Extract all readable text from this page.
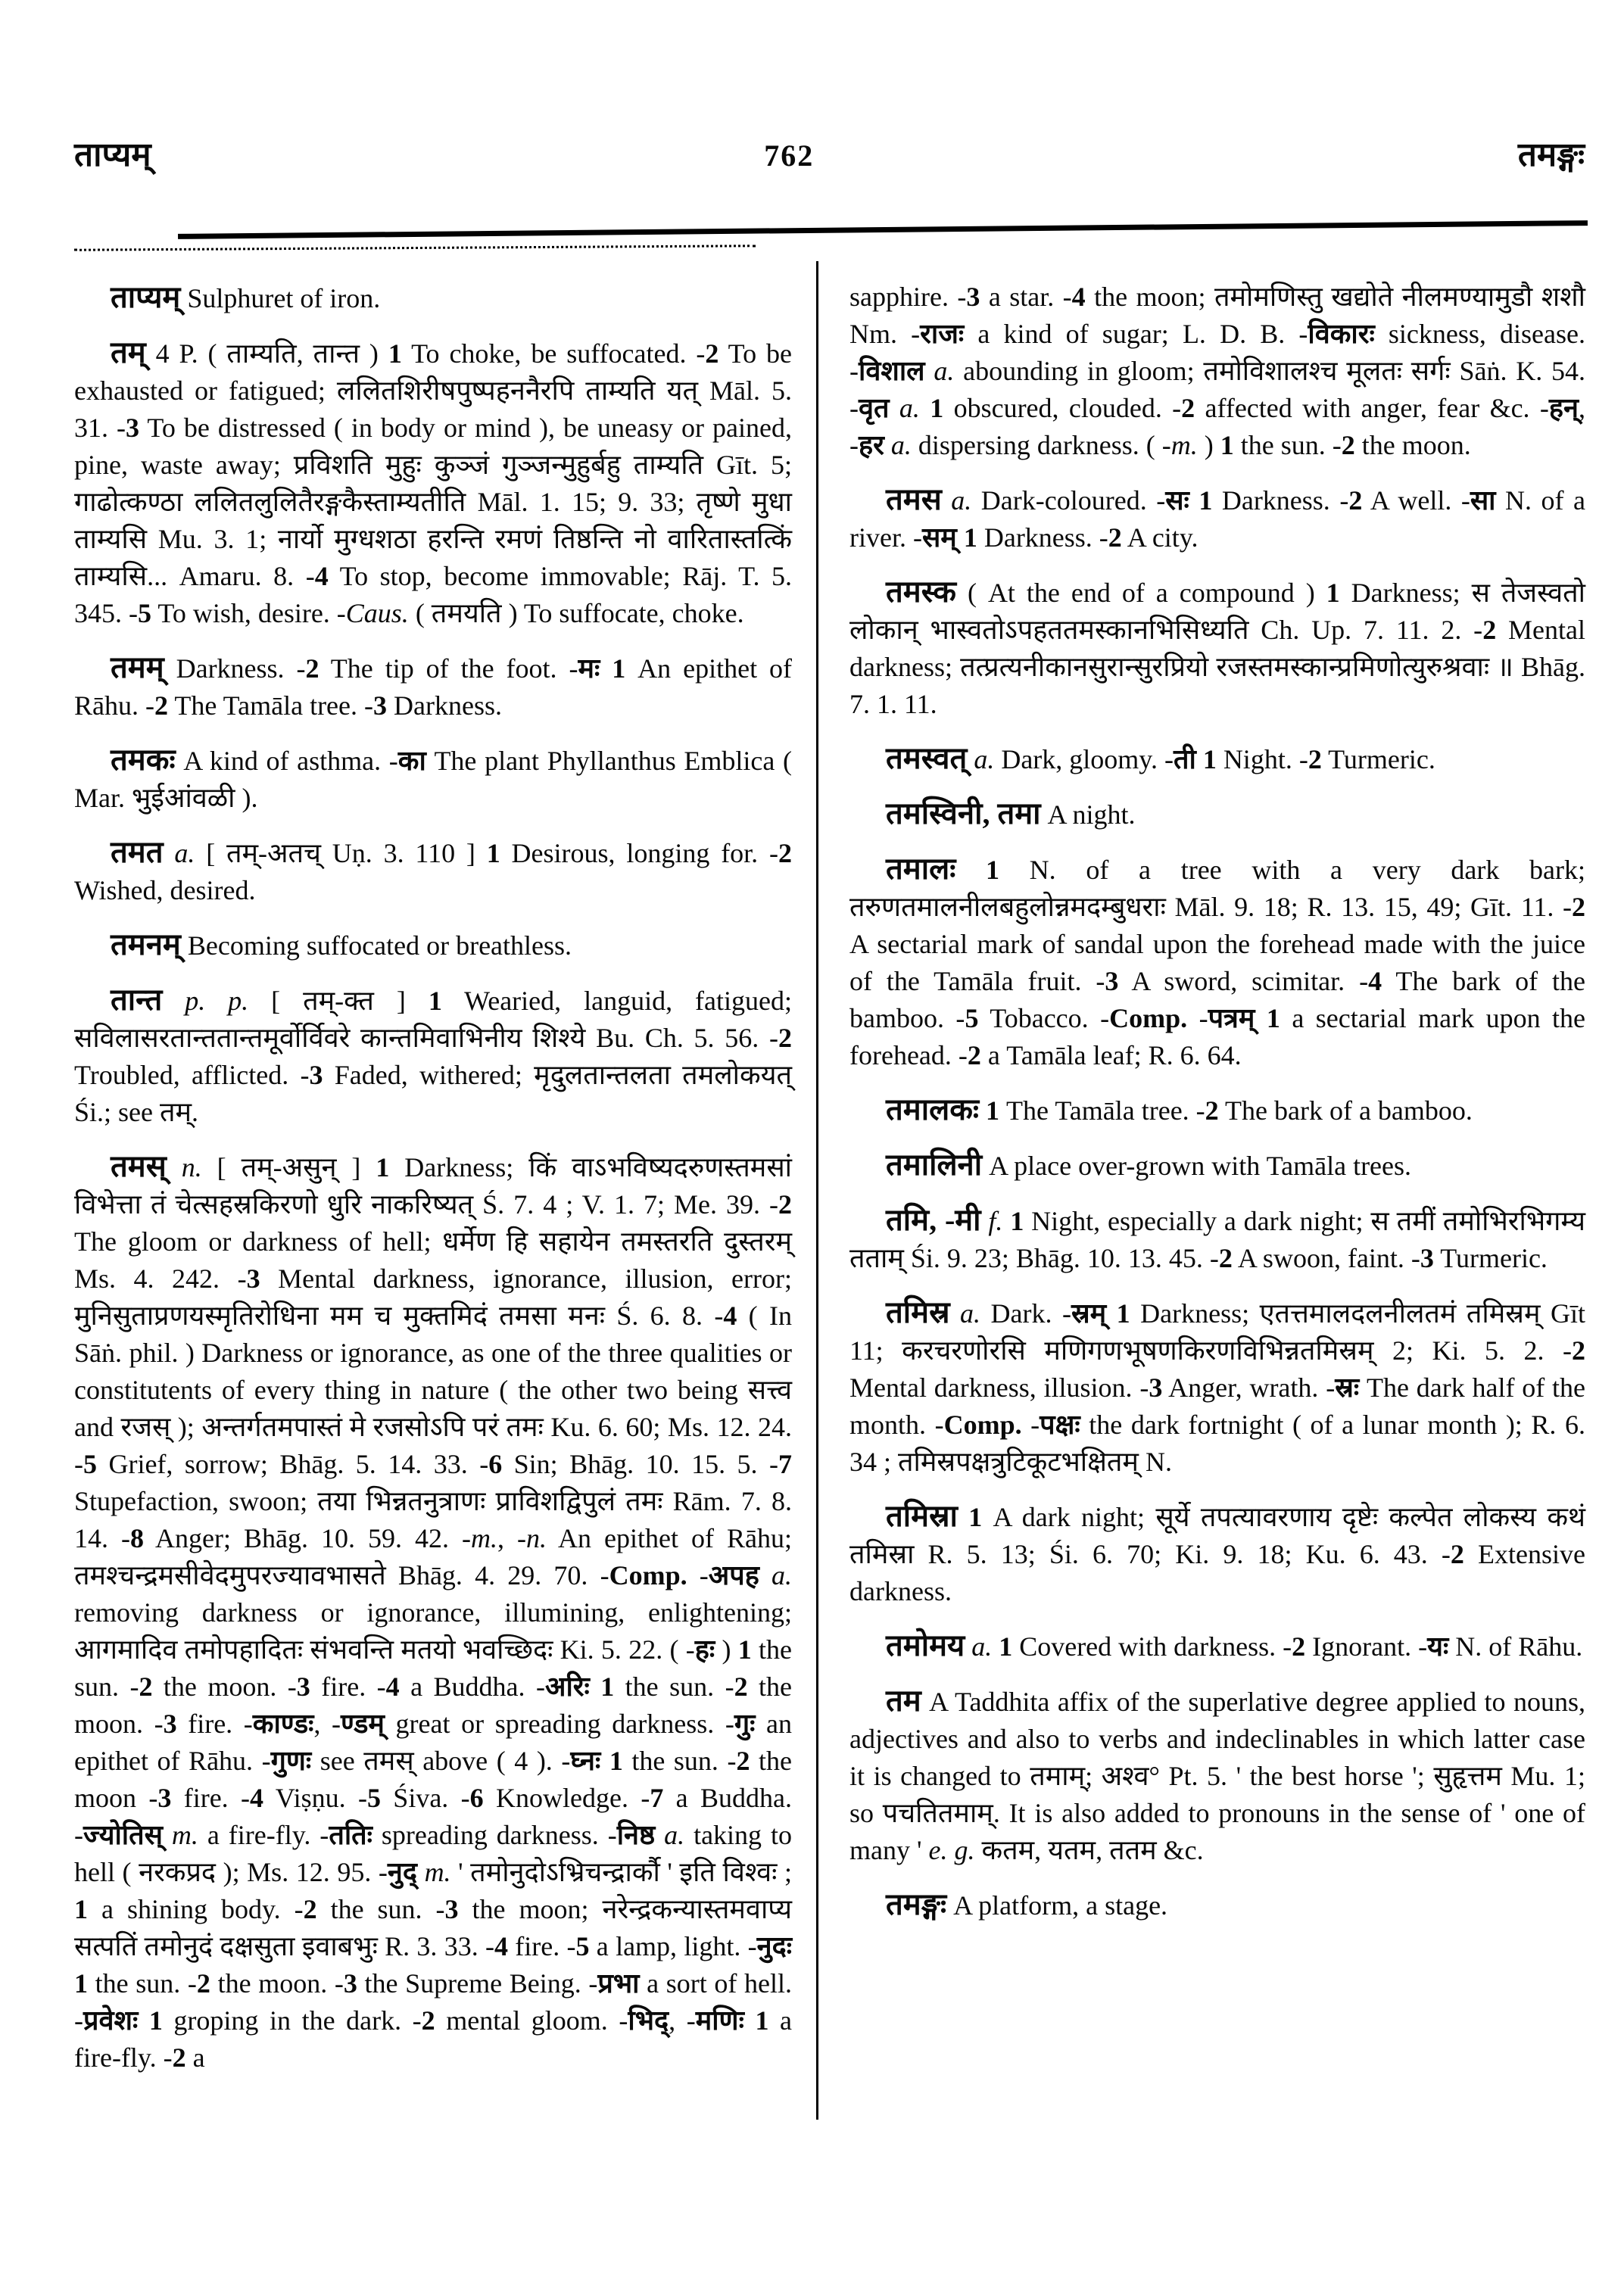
ताप्यम्	762	तमङ्गः

ताप्यम् Sulphuret of iron.

तम् 4 P. ( ताम्यति, तान्त ) 1 To choke, be suffocated. -2 To be exhausted or fatigued; ललितशिरीषपुष्पहननैरपि ताम्यति यत् Māl. 5. 31. -3 To be distressed ( in body or mind ), be uneasy or pained, pine, waste away; प्रविशति मुहुः कुञ्जं गुञ्जन्मुहुर्बहु ताम्यति Gīt. 5; गाढोत्कण्ठा ललितलुलितैरङ्गकैस्ताम्यतीति Māl. 1. 15; 9. 33; तृष्णे मुधा ताम्यसि Mu. 3. 1; नार्यो मुग्धशठा हरन्ति रमणं तिष्ठन्ति नो वारितास्तत्किं ताम्यसि... Amaru. 8. -4 To stop, become immovable; Rāj. T. 5. 345. -5 To wish, desire. -Caus. ( तमयति ) To suffocate, choke.

तमम् Darkness. -2 The tip of the foot. -मः 1 An epithet of Rāhu. -2 The Tamāla tree. -3 Darkness.

तमकः A kind of asthma. -का The plant Phyllanthus Emblica ( Mar. भुईआंवळी ).

तमत a. [ तम्-अतच् Uṇ. 3. 110 ] 1 Desirous, longing for. -2 Wished, desired.

तमनम् Becoming suffocated or breathless.

तान्त p. p. [ तम्-क्त ] 1 Wearied, languid, fatigued; सविलासरतान्ततान्तमूर्वोर्विवरे कान्तमिवाभिनीय शिश्ये Bu. Ch. 5. 56. -2 Troubled, afflicted. -3 Faded, withered; मृदुलतान्तलता तमलोकयत् Śi.; see तम्.

तमस् n. [ तम्-असुन् ] 1 Darkness; किं वाऽभविष्यदरुणस्तमसां विभेत्ता तं चेत्सहस्रकिरणो धुरि नाकरिष्यत् Ś. 7. 4 ; V. 1. 7; Me. 39. -2 The gloom or darkness of hell; धर्मेण हि सहायेन तमस्तरति दुस्तरम् Ms. 4. 242. -3 Mental darkness, ignorance, illusion, error; मुनिसुताप्रणयस्मृतिरोधिना मम च मुक्तमिदं तमसा मनः Ś. 6. 8. -4 ( In Sāṅ. phil. ) Darkness or ignorance, as one of the three qualities or constitutents of every thing in nature ( the other two being सत्त्व and रजस् ); अन्तर्गतमपास्तं मे रजसोऽपि परं तमः Ku. 6. 60; Ms. 12. 24. -5 Grief, sorrow; Bhāg. 5. 14. 33. -6 Sin; Bhāg. 10. 15. 5. -7 Stupefaction, swoon; तया भिन्नतनुत्राणः प्राविशद्विपुलं तमः Rām. 7. 8. 14. -8 Anger; Bhāg. 10. 59. 42. -m., -n. An epithet of Rāhu; तमश्चन्द्रमसीवेदमुपरज्यावभासते Bhāg. 4. 29. 70. -Comp. -अपह a. removing darkness or ignorance, illumining, enlightening; आगमादिव तमोपहादितः संभवन्ति मतयो भवच्छिदः Ki. 5. 22. ( -हः ) 1 the sun. -2 the moon. -3 fire. -4 a Buddha. -अरिः 1 the sun. -2 the moon. -3 fire. -काण्डः, -ण्डम् great or spreading darkness. -गुः an epithet of Rāhu. -गुणः see तमस् above ( 4 ). -घ्नः 1 the sun. -2 the moon -3 fire. -4 Viṣṇu. -5 Śiva. -6 Knowledge. -7 a Buddha. -ज्योतिस् m. a fire-fly. -ततिः spreading darkness. -निष्ठ a. taking to hell ( नरकप्रद ); Ms. 12. 95. -नुद् m. ' तमोनुदोऽभ्रिचन्द्रार्कौ ' इति विश्वः ; 1 a shining body. -2 the sun. -3 the moon; नरेन्द्रकन्यास्तमवाप्य सत्पतिं तमोनुदं दक्षसुता इवाबभुः R. 3. 33. -4 fire. -5 a lamp, light. -नुदः 1 the sun. -2 the moon. -3 the Supreme Being. -प्रभा a sort of hell. -प्रवेशः 1 groping in the dark. -2 mental gloom. -भिद्, -मणिः 1 a fire-fly. -2 a

sapphire. -3 a star. -4 the moon; तमोमणिस्तु खद्योते नीलमण्यामुडौ शशौ Nm. -राजः a kind of sugar; L. D. B. -विकारः sickness, disease. -विशाल a. abounding in gloom; तमोविशालश्च मूलतः सर्गः Sāṅ. K. 54. -वृत a. 1 obscured, clouded. -2 affected with anger, fear &c. -हन्, -हर a. dispersing darkness. ( -m. ) 1 the sun. -2 the moon.

तमस a. Dark-coloured. -सः 1 Darkness. -2 A well. -सा N. of a river. -सम् 1 Darkness. -2 A city.

तमस्क ( At the end of a compound ) 1 Darkness; स तेजस्वतो लोकान् भास्वतोऽपहततमस्कानभिसिध्यति Ch. Up. 7. 11. 2. -2 Mental darkness; तत्प्रत्यनीकानसुरान्सुरप्रियो रजस्तमस्कान्प्रमिणोत्युरुश्रवाः ॥ Bhāg. 7. 1. 11.

तमस्वत् a. Dark, gloomy. -ती 1 Night. -2 Turmeric.

तमस्विनी, तमा A night.

तमालः 1 N. of a tree with a very dark bark; तरुणतमालनीलबहुलोन्नमदम्बुधराः Māl. 9. 18; R. 13. 15, 49; Gīt. 11. -2 A sectarial mark of sandal upon the forehead made with the juice of the Tamāla fruit. -3 A sword, scimitar. -4 The bark of the bamboo. -5 Tobacco. -Comp. -पत्रम् 1 a sectarial mark upon the forehead. -2 a Tamāla leaf; R. 6. 64.

तमालकः 1 The Tamāla tree. -2 The bark of a bamboo.

तमालिनी A place over-grown with Tamāla trees.

तमि, -मी f. 1 Night, especially a dark night; स तमीं तमोभिरभिगम्य तताम् Śi. 9. 23; Bhāg. 10. 13. 45. -2 A swoon, faint. -3 Turmeric.

तमिस्र a. Dark. -स्रम् 1 Darkness; एतत्तमालदलनीलतमं तमिस्रम् Gīt 11; करचरणोरसि मणिगणभूषणकिरणविभिन्नतमिस्रम् 2; Ki. 5. 2. -2 Mental darkness, illusion. -3 Anger, wrath. -स्रः The dark half of the month. -Comp. -पक्षः the dark fortnight ( of a lunar month ); R. 6. 34 ; तमिस्रपक्षत्रुटिकूटभक्षितम् N.

तमिस्रा 1 A dark night; सूर्ये तपत्यावरणाय दृष्टेः कल्पेत लोकस्य कथं तमिस्रा R. 5. 13; Śi. 6. 70; Ki. 9. 18; Ku. 6. 43. -2 Extensive darkness.

तमोमय a. 1 Covered with darkness. -2 Ignorant. -यः N. of Rāhu.

तम A Taddhita affix of the superlative degree applied to nouns, adjectives and also to verbs and indeclinables in which latter case it is changed to तमाम्; अश्व° Pt. 5. ' the best horse '; सुहृत्तम Mu. 1; so पचतितमाम्. It is also added to pronouns in the sense of ' one of many ' e. g. कतम, यतम, ततम &c.

तमङ्गः A platform, a stage.
